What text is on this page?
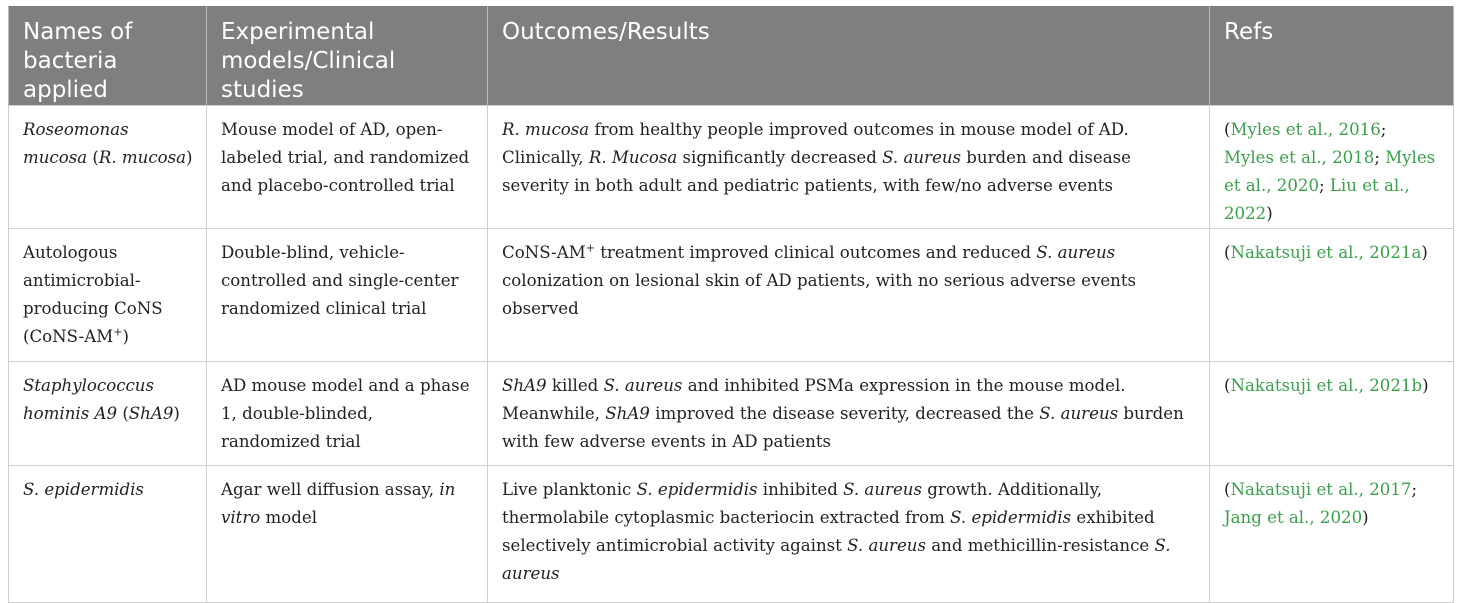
Names of bacteria applied	Experimental models/Clinical studies	Outcomes/Results	Refs
Roseomonas mucosa (R. mucosa)	Mouse model of AD, open-labeled trial, and randomized and placebo-controlled trial	R. mucosa from healthy people improved outcomes in mouse model of AD. Clinically, R. Mucosa significantly decreased S. aureus burden and disease severity in both adult and pediatric patients, with few/no adverse events	(Myles et al., 2016; Myles et al., 2018; Myles et al., 2020; Liu et al., 2022)
Autologous antimicrobial-producing CoNS (CoNS-AM+)	Double-blind, vehicle-controlled and single-center randomized clinical trial	CoNS-AM+ treatment improved clinical outcomes and reduced S. aureus colonization on lesional skin of AD patients, with no serious adverse events observed	(Nakatsuji et al., 2021a)
Staphylococcus hominis A9 (ShA9)	AD mouse model and a phase 1, double-blinded, randomized trial	ShA9 killed S. aureus and inhibited PSMa expression in the mouse model. Meanwhile, ShA9 improved the disease severity, decreased the S. aureus burden with few adverse events in AD patients	(Nakatsuji et al., 2021b)
S. epidermidis	Agar well diffusion assay, in vitro model	Live planktonic S. epidermidis inhibited S. aureus growth. Additionally, thermolabile cytoplasmic bacteriocin extracted from S. epidermidis exhibited selectively antimicrobial activity against S. aureus and methicillin-resistance S. aureus	(Nakatsuji et al., 2017; Jang et al., 2020)
